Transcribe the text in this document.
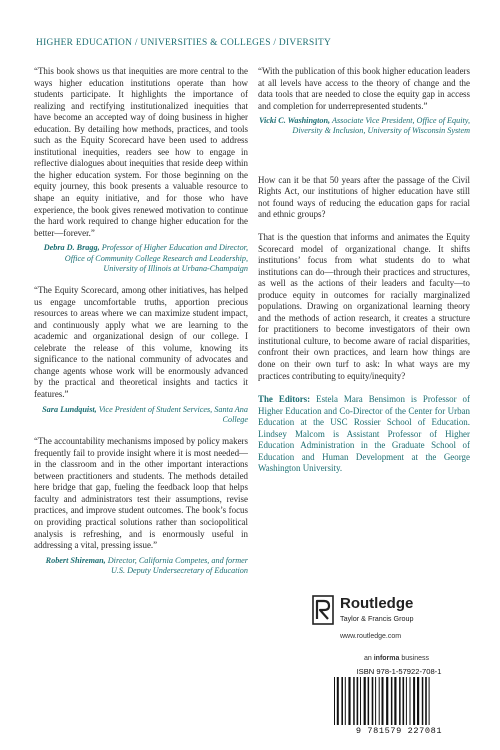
HIGHER EDUCATION / UNIVERSITIES & COLLEGES / DIVERSITY

“This book shows us that inequities are more central to the ways higher education institutions operate than how students participate. It highlights the importance of realizing and rectifying institutionalized inequities that have become an accepted way of doing business in higher education. By detailing how methods, practices, and tools such as the Equity Scorecard have been used to address institutional inequities, readers see how to engage in reflective dialogues about inequities that reside deep within the higher education system. For those beginning on the equity journey, this book presents a valuable resource to shape an equity initiative, and for those who have experience, the book gives renewed motivation to continue the hard work required to change higher education for the better—forever.”

Debra D. Bragg, Professor of Higher Education and Director, Office of Community College Research and Leadership, University of Illinois at Urbana-Champaign

“The Equity Scorecard, among other initiatives, has helped us engage uncomfortable truths, apportion precious resources to areas where we can maximize student impact, and continuously apply what we are learning to the academic and organizational design of our college. I celebrate the release of this volume, knowing its significance to the national community of advocates and change agents whose work will be enormously advanced by the practical and theoretical insights and tactics it features.”

Sara Lundquist, Vice President of Student Services, Santa Ana College

“The accountability mechanisms imposed by policy makers frequently fail to provide insight where it is most needed—in the classroom and in the other important interactions between practitioners and students. The methods detailed here bridge that gap, fueling the feedback loop that helps faculty and administrators test their assumptions, revise practices, and improve student outcomes. The book’s focus on providing practical solutions rather than sociopolitical analysis is refreshing, and is enormously useful in addressing a vital, pressing issue.”

Robert Shireman, Director, California Competes, and former U.S. Deputy Undersecretary of Education

“With the publication of this book higher education leaders at all levels have access to the theory of change and the data tools that are needed to close the equity gap in access and completion for underrepresented students.”

Vicki C. Washington, Associate Vice President, Office of Equity, Diversity & Inclusion, University of Wisconsin System

How can it be that 50 years after the passage of the Civil Rights Act, our institutions of higher education have still not found ways of reducing the education gaps for racial and ethnic groups?

That is the question that informs and animates the Equity Scorecard model of organizational change. It shifts institutions’ focus from what students do to what institutions can do—through their practices and structures, as well as the actions of their leaders and faculty—to produce equity in outcomes for racially marginalized populations. Drawing on organizational learning theory and the methods of action research, it creates a structure for practitioners to become investigators of their own institutional culture, to become aware of racial disparities, confront their own practices, and learn how things are done on their own turf to ask: In what ways are my practices contributing to equity/inequity?

The Editors: Estela Mara Bensimon is Professor of Higher Education and Co-Director of the Center for Urban Education at the USC Rossier School of Education. Lindsey Malcom is Assistant Professor of Higher Education Administration in the Graduate School of Education and Human Development at the George Washington University.

Routledge
Taylor & Francis Group
www.routledge.com
an informa business
ISBN 978-1-57922-708-1
9 781579 227081
